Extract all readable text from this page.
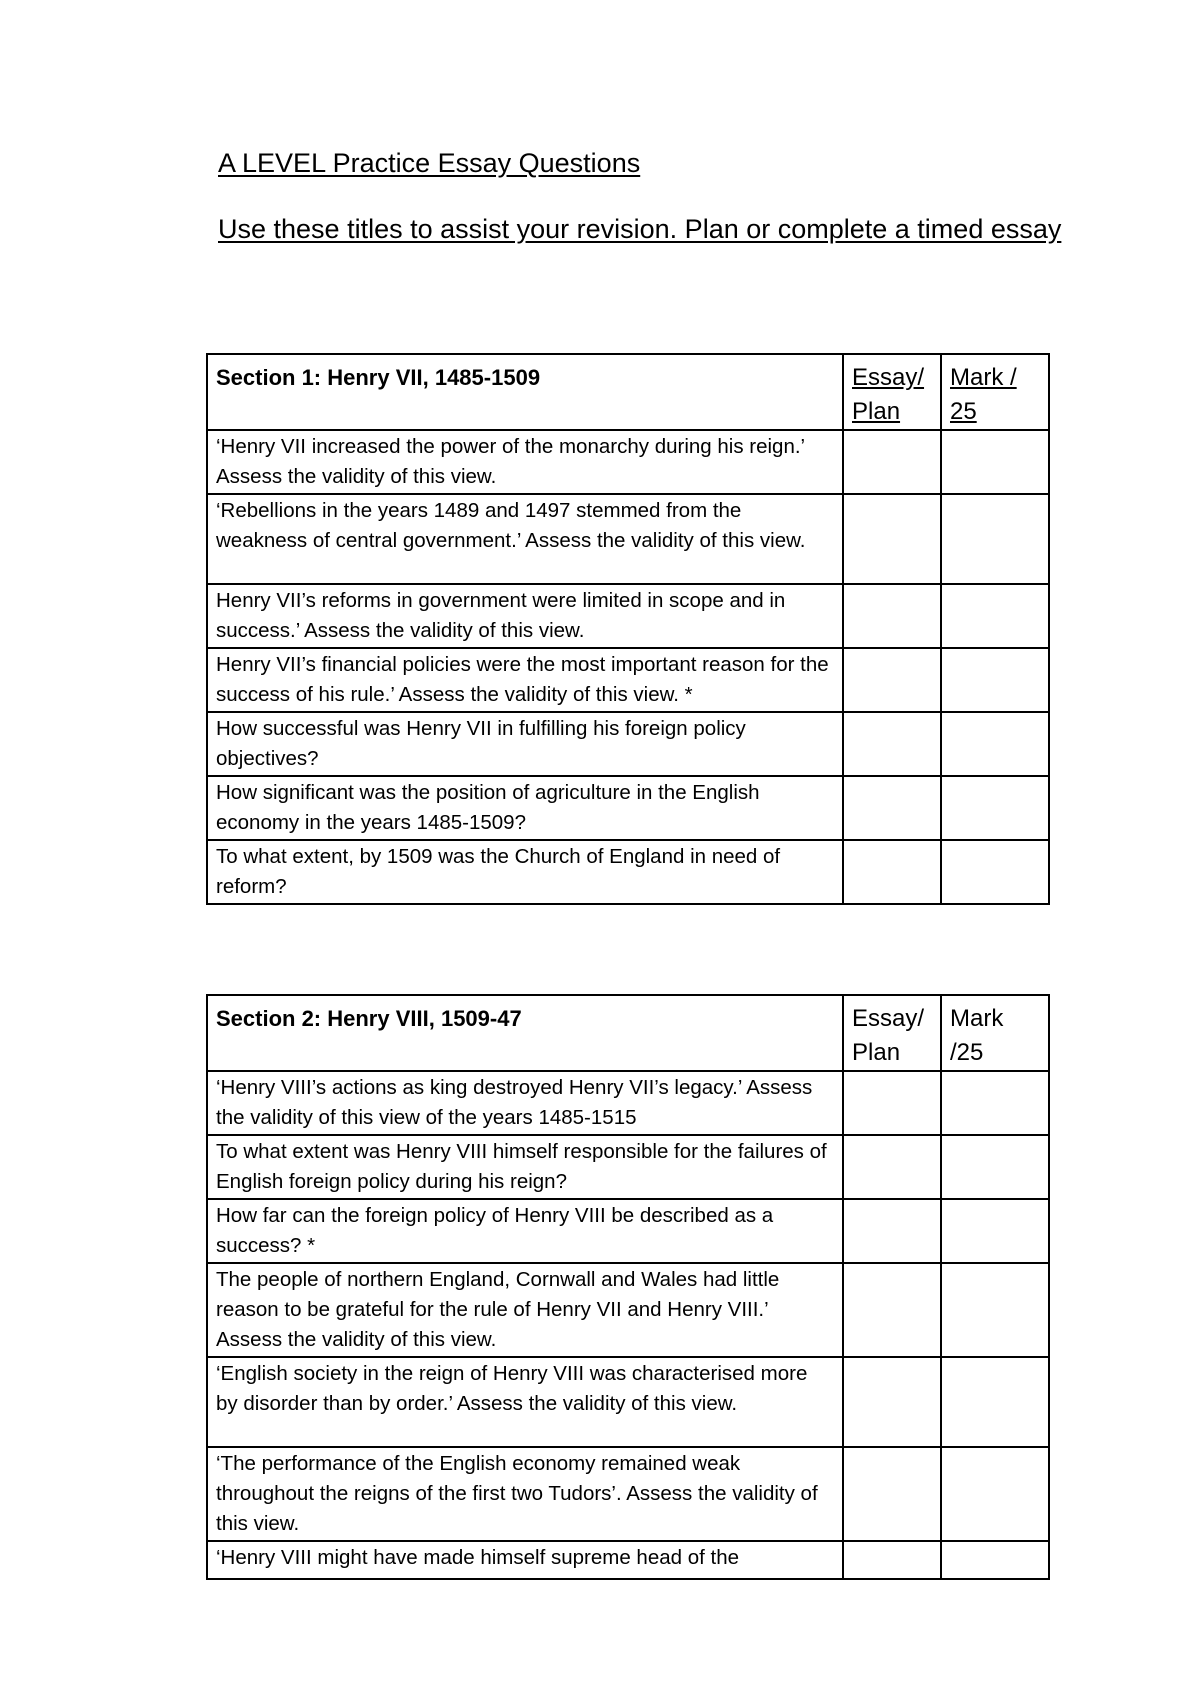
A LEVEL Practice Essay Questions

Use these titles to assist your revision. Plan or complete a timed essay

Section 1: Henry VII, 1485-1509	Essay/ Plan	Mark / 25
‘Henry VII increased the power of the monarchy during his reign.’ Assess the validity of this view.		
‘Rebellions in the years 1489 and 1497 stemmed from the weakness of central government.’ Assess the validity of this view.		
Henry VII’s reforms in government were limited in scope and in success.’ Assess the validity of this view.		
Henry VII’s financial policies were the most important reason for the success of his rule.’ Assess the validity of this view. *		
How successful was Henry VII in fulfilling his foreign policy objectives?		
How significant was the position of agriculture in the English economy in the years 1485-1509?		
To what extent, by 1509 was the Church of England in need of reform?		
Section 2: Henry VIII, 1509-47	Essay/ Plan	Mark /25
‘Henry VIII’s actions as king destroyed Henry VII’s legacy.’ Assess the validity of this view of the years 1485-1515		
To what extent was Henry VIII himself responsible for the failures of English foreign policy during his reign?		
How far can the foreign policy of Henry VIII be described as a success? *		
The people of northern England, Cornwall and Wales had little reason to be grateful for the rule of Henry VII and Henry VIII.’ Assess the validity of this view.		
‘English society in the reign of Henry VIII was characterised more by disorder than by order.’ Assess the validity of this view.		
‘The performance of the English economy remained weak throughout the reigns of the first two Tudors’. Assess the validity of this view.		
‘Henry VIII might have made himself supreme head of the		
